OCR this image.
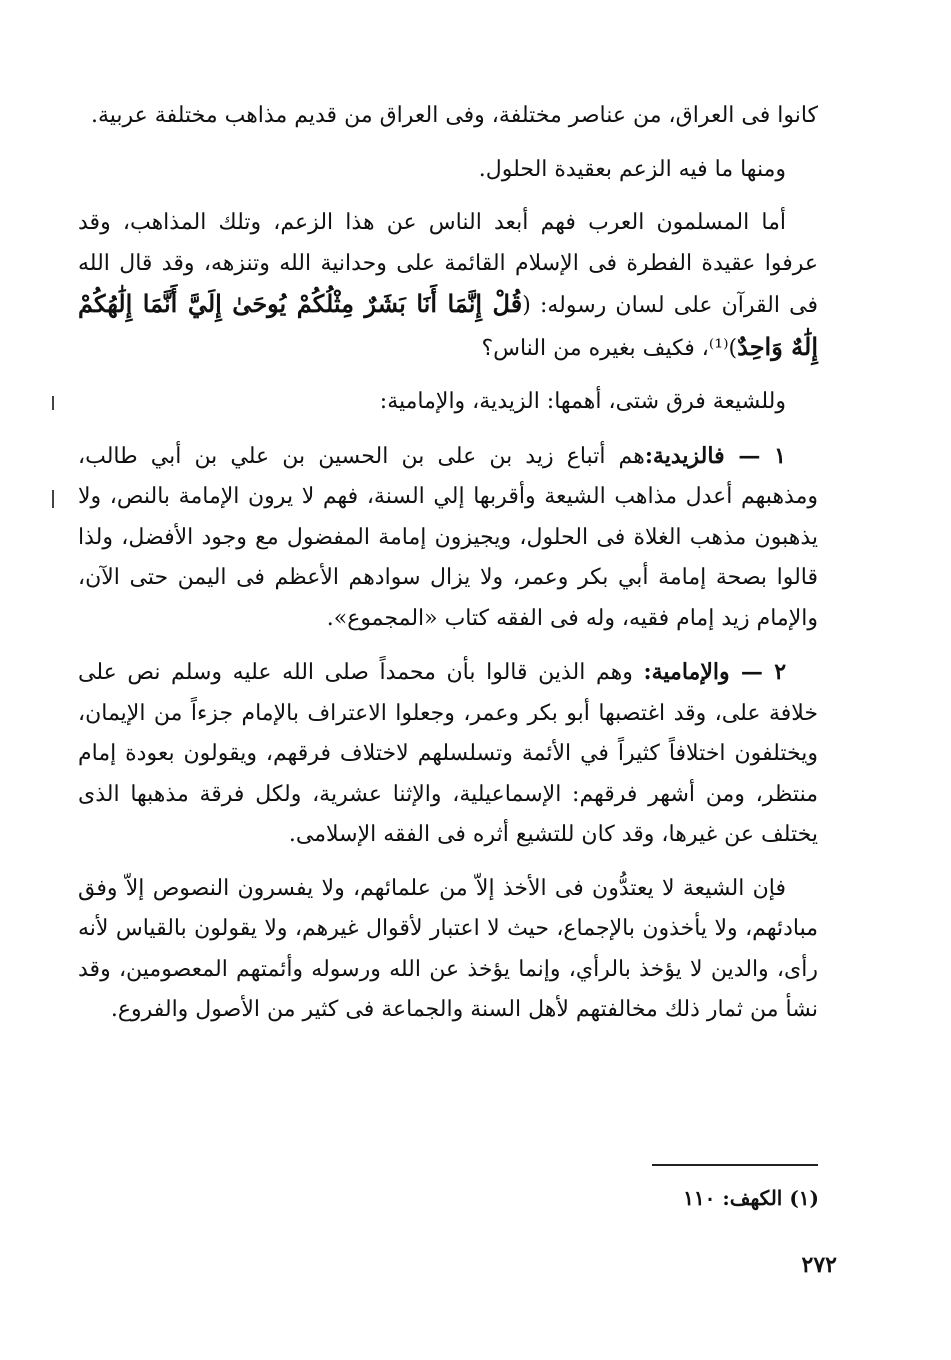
كانوا فى العراق، من عناصر مختلفة، وفى العراق من قديم مذاهب مختلفة عربية.

ومنها ما فيه الزعم بعقيدة الحلول.

أما المسلمون العرب فهم أبعد الناس عن هذا الزعم، وتلك المذاهب، وقد عرفوا عقيدة الفطرة فى الإسلام القائمة على وحدانية الله وتنزهه، وقد قال الله فى القرآن على لسان رسوله: (قُلْ إِنَّمَا أَنَا بَشَرٌ مِثْلُكُمْ يُوحَىٰ إِلَيَّ أَنَّمَا إِلَٰهُكُمْ إِلَٰهٌ وَاحِدٌ)⁽¹⁾، فكيف بغيره من الناس؟

وللشيعة فرق شتى، أهمها: الزيدية، والإمامية:

١ — فالزيدية:هم أتباع زيد بن على بن الحسين بن علي بن أبي طالب، ومذهبهم أعدل مذاهب الشيعة وأقربها إلي السنة، فهم لا يرون الإمامة بالنص، ولا يذهبون مذهب الغلاة فى الحلول، ويجيزون إمامة المفضول مع وجود الأفضل، ولذا قالوا بصحة إمامة أبي بكر وعمر، ولا يزال سوادهم الأعظم فى اليمن حتى الآن، والإمام زيد إمام فقيه، وله فى الفقه كتاب «المجموع».

٢ — والإمامية: وهم الذين قالوا بأن محمداً صلى الله عليه وسلم نص على خلافة على، وقد اغتصبها أبو بكر وعمر، وجعلوا الاعتراف بالإمام جزءاً من الإيمان، ويختلفون اختلافاً كثيراً في الأئمة وتسلسلهم لاختلاف فرقهم، ويقولون بعودة إمام منتظر، ومن أشهر فرقهم: الإسماعيلية، والإثنا عشرية، ولكل فرقة مذهبها الذى يختلف عن غيرها، وقد كان للتشيع أثره فى الفقه الإسلامى.

فإن الشيعة لا يعتدُّون فى الأخذ إلاّ من علمائهم، ولا يفسرون النصوص إلاّ وفق مبادئهم، ولا يأخذون بالإجماع، حيث لا اعتبار لأقوال غيرهم، ولا يقولون بالقياس لأنه رأى، والدين لا يؤخذ بالرأي، وإنما يؤخذ عن الله ورسوله وأئمتهم المعصومين، وقد نشأ من ثمار ذلك مخالفتهم لأهل السنة والجماعة فى كثير من الأصول والفروع.

(١) الكهف: ١١٠
٢٧٢
